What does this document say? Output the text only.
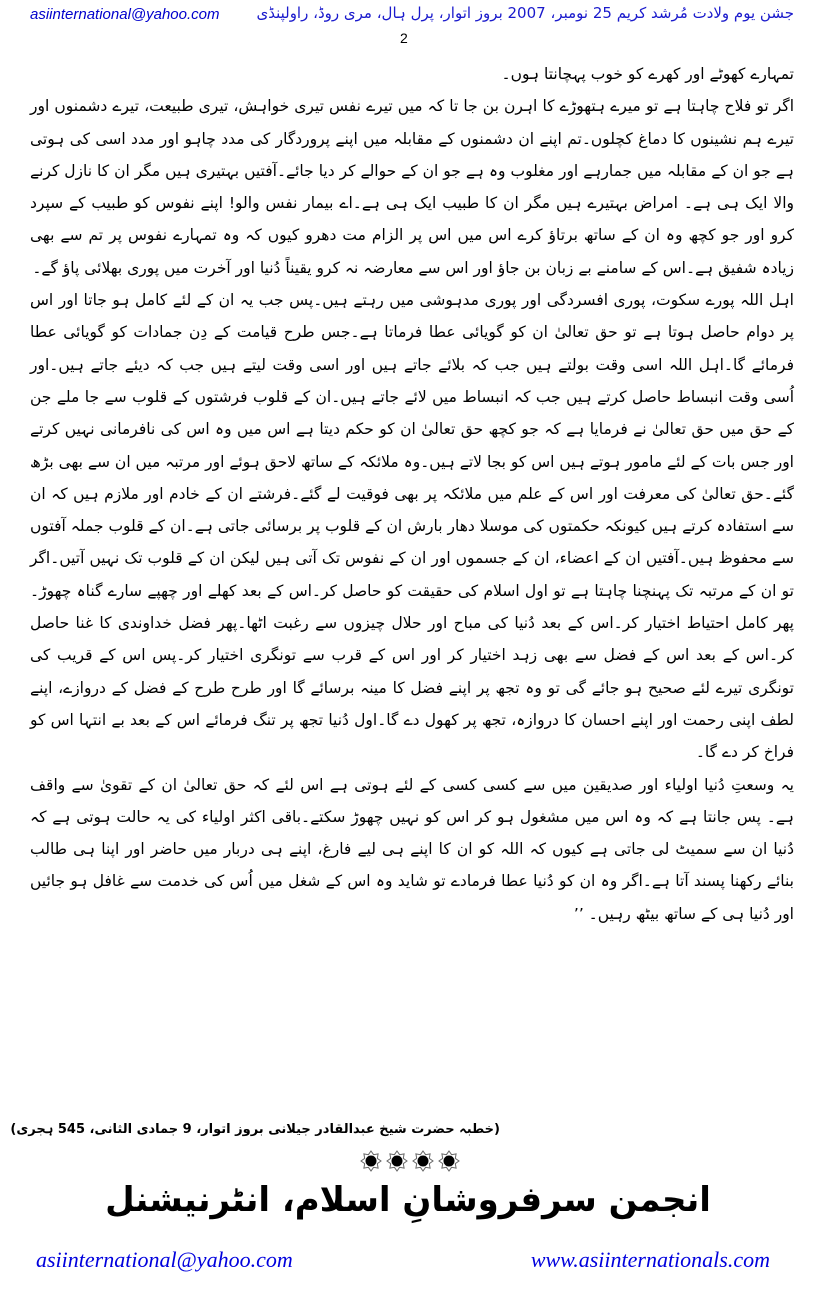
asiinternational@yahoo.com جشن یوم ولادت مُرشد کریم 25 نومبر، 2007 بروز اتوار، پرل ہال، مری روڈ، راولپنڈی
2

تمہارے کھوٹے اور کھرے کو خوب پہچانتا ہوں۔

اگر تو فلاح چاہتا ہے تو میرے ہتھوڑے کا اہرن بن جا تا کہ میں تیرے نفس تیری خواہش، تیری طبیعت، تیرے دشمنوں اور تیرے ہم نشینوں کا دماغ کچلوں۔تم اپنے ان دشمنوں کے مقابلہ میں اپنے پروردگار کی مدد چاہو اور مدد اسی کی ہوتی ہے جو ان کے مقابلہ میں جمارہے اور مغلوب وہ ہے جو ان کے حوالے کر دیا جائے۔آفتیں بہتیری ہیں مگر ان کا نازل کرنے والا ایک ہی ہے۔ امراض بہتیرے ہیں مگر ان کا طبیب ایک ہی ہے۔اے بیمار نفس والو! اپنے نفوس کو طبیب کے سپرد کرو اور جو کچھ وہ ان کے ساتھ برتاؤ کرے اس میں اس پر الزام مت دھرو کیوں کہ وہ تمہارے نفوس پر تم سے بھی زیادہ شفیق ہے۔اس کے سامنے بے زبان بن جاؤ اور اس سے معارضہ نہ کرو یقیناً دُنیا اور آخرت میں پوری بھلائی پاؤ گے۔

اہل اللہ پورے سکوت، پوری افسردگی اور پوری مدہوشی میں رہتے ہیں۔پس جب یہ ان کے لئے کامل ہو جاتا اور اس پر دوام حاصل ہوتا ہے تو حق تعالیٰ ان کو گویائی عطا فرماتا ہے۔جس طرح قیامت کے دِن جمادات کو گویائی عطا فرمائے گا۔اہل اللہ اسی وقت بولتے ہیں جب کہ بلائے جاتے ہیں اور اسی وقت لیتے ہیں جب کہ دیئے جاتے ہیں۔اور اُسی وقت انبساط حاصل کرتے ہیں جب کہ انبساط میں لائے جاتے ہیں۔ان کے قلوب فرشتوں کے قلوب سے جا ملے جن کے حق میں حق تعالیٰ نے فرمایا ہے کہ جو کچھ حق تعالیٰ ان کو حکم دیتا ہے اس میں وہ اس کی نافرمانی نہیں کرتے اور جس بات کے لئے مامور ہوتے ہیں اس کو بجا لاتے ہیں۔وہ ملائکہ کے ساتھ لاحق ہوئے اور مرتبہ میں ان سے بھی بڑھ گئے۔حق تعالیٰ کی معرفت اور اس کے علم میں ملائکہ پر بھی فوقیت لے گئے۔فرشتے ان کے خادم اور ملازم ہیں کہ ان سے استفادہ کرتے ہیں کیونکہ حکمتوں کی موسلا دھار بارش ان کے قلوب پر برسائی جاتی ہے۔ان کے قلوب جملہ آفتوں سے محفوظ ہیں۔آفتیں ان کے اعضاء، ان کے جسموں اور ان کے نفوس تک آتی ہیں لیکن ان کے قلوب تک نہیں آتیں۔اگر تو ان کے مرتبہ تک پہنچنا چاہتا ہے تو اول اسلام کی حقیقت کو حاصل کر۔اس کے بعد کھلے اور چھپے سارے گناہ چھوڑ۔پھر کامل احتیاط اختیار کر۔اس کے بعد دُنیا کی مباح اور حلال چیزوں سے رغبت اٹھا۔پھر فضل خداوندی کا غنا حاصل کر۔اس کے بعد اس کے فضل سے بھی زہد اختیار کر اور اس کے قرب سے تونگری اختیار کر۔پس اس کے قریب کی تونگری تیرے لئے صحیح ہو جائے گی تو وہ تجھ پر اپنے فضل کا مینہ برسائے گا اور طرح طرح کے فضل کے دروازے، اپنے لطف اپنی رحمت اور اپنے احسان کا دروازہ، تجھ پر کھول دے گا۔اول دُنیا تجھ پر تنگ فرمائے اس کے بعد بے انتہا اس کو فراخ کر دے گا۔

یہ وسعتِ دُنیا اولیاء اور صدیقین میں سے کسی کسی کے لئے ہوتی ہے اس لئے کہ حق تعالیٰ ان کے تقویٰ سے واقف ہے۔ پس جانتا ہے کہ وہ اس میں مشغول ہو کر اس کو نہیں چھوڑ سکتے۔باقی اکثر اولیاء کی یہ حالت ہوتی ہے کہ دُنیا ان سے سمیٹ لی جاتی ہے کیوں کہ اللہ کو ان کا اپنے ہی لیے فارغ، اپنے ہی دربار میں حاضر اور اپنا ہی طالب بنائے رکھنا پسند آتا ہے۔اگر وہ ان کو دُنیا عطا فرمادے تو شاید وہ اس کے شغل میں اُس کی خدمت سے غافل ہو جائیں اور دُنیا ہی کے ساتھ بیٹھ رہیں۔ ’’

(خطبہ حضرت شیخ عبدالقادر جیلانی بروز اتوار، 9 جمادی الثانی، 545 ہجری)
انجمن سرفروشانِ اسلام، انٹرنیشنل
asiinternational@yahoo.com	www.asiinternationals.com
